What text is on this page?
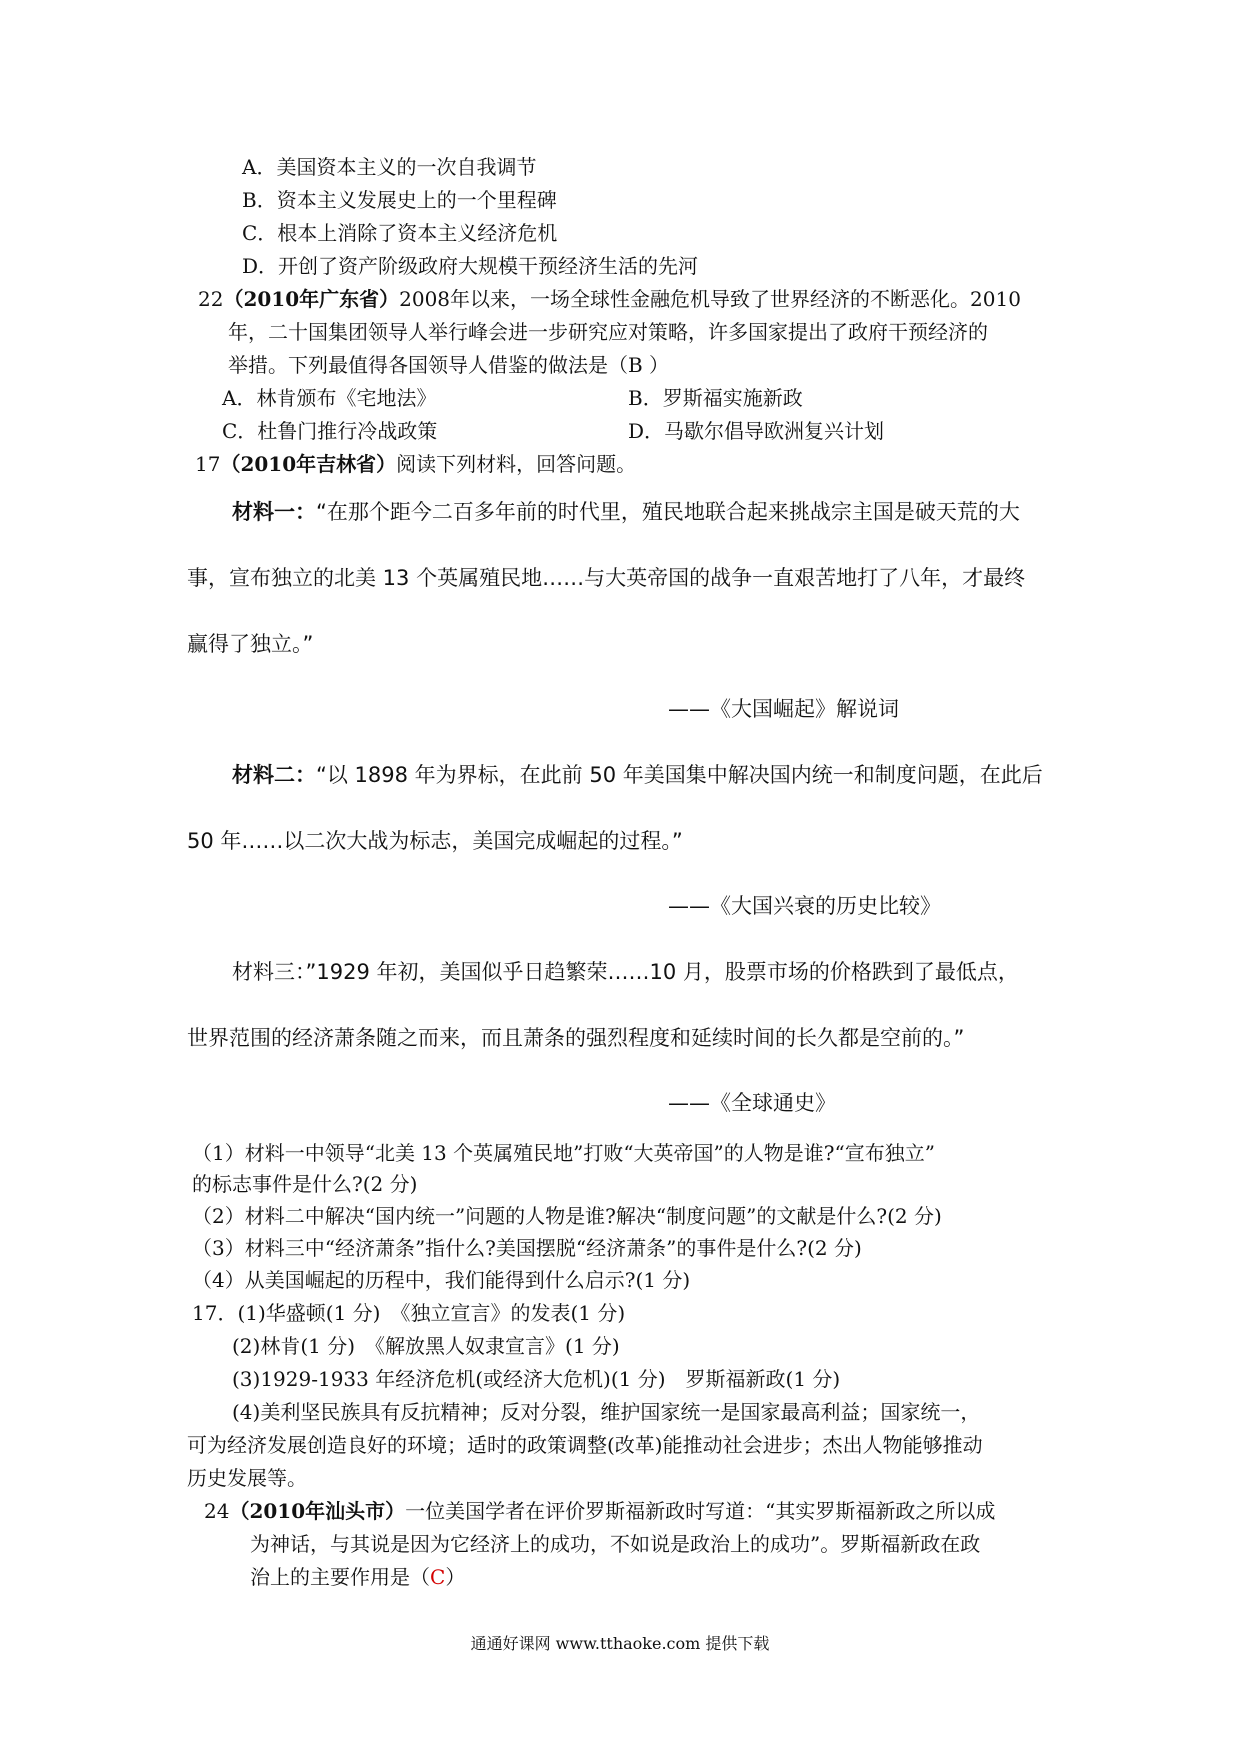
A．美国资本主义的一次自我调节
B．资本主义发展史上的一个里程碑
C．根本上消除了资本主义经济危机
D．开创了资产阶级政府大规模干预经济生活的先河
22（2010年广东省）2008年以来，一场全球性金融危机导致了世界经济的不断恶化。2010
年，二十国集团领导人举行峰会进一步研究应对策略，许多国家提出了政府干预经济的
举措。下列最值得各国领导人借鉴的做法是（B ）
A．林肯颁布《宅地法》	B．罗斯福实施新政
C．杜鲁门推行冷战政策	D．马歇尔倡导欧洲复兴计划
17（2010年吉林省）阅读下列材料，回答问题。
材料一：“在那个距今二百多年前的时代里，殖民地联合起来挑战宗主国是破天荒的大
事，宣布独立的北美 13 个英属殖民地……与大英帝国的战争一直艰苦地打了八年，才最终
赢得了独立。”
——《大国崛起》解说词
材料二：“以 1898 年为界标，在此前 50 年美国集中解决国内统一和制度问题，在此后
50 年……以二次大战为标志，美国完成崛起的过程。”
——《大国兴衰的历史比较》
材料三：”1929 年初，美国似乎日趋繁荣……10 月，股票市场的价格跌到了最低点，
世界范围的经济萧条随之而来，而且萧条的强烈程度和延续时间的长久都是空前的。”
——《全球通史》
（1）材料一中领导“北美 13 个英属殖民地”打败“大英帝国”的人物是谁?“宣布独立”
的标志事件是什么?(2 分)
（2）材料二中解决“国内统一”问题的人物是谁?解决“制度问题”的文献是什么?(2 分)
（3）材料三中“经济萧条”指什么?美国摆脱“经济萧条”的事件是什么?(2 分)
（4）从美国崛起的历程中，我们能得到什么启示?(1 分)
17．(1)华盛顿(1 分)　《独立宣言》的发表(1 分)
(2)林肯(1 分)　《解放黑人奴隶宣言》(1 分)
(3)1929-1933 年经济危机(或经济大危机)(1 分)　罗斯福新政(1 分)
(4)美利坚民族具有反抗精神；反对分裂，维护国家统一是国家最高利益；国家统一，
可为经济发展创造良好的环境；适时的政策调整(改革)能推动社会进步；杰出人物能够推动
历史发展等。
24（2010年汕头市）一位美国学者在评价罗斯福新政时写道：“其实罗斯福新政之所以成
为神话，与其说是因为它经济上的成功，不如说是政治上的成功”。罗斯福新政在政
治上的主要作用是（C）
通通好课网 www.tthaoke.com 提供下载
